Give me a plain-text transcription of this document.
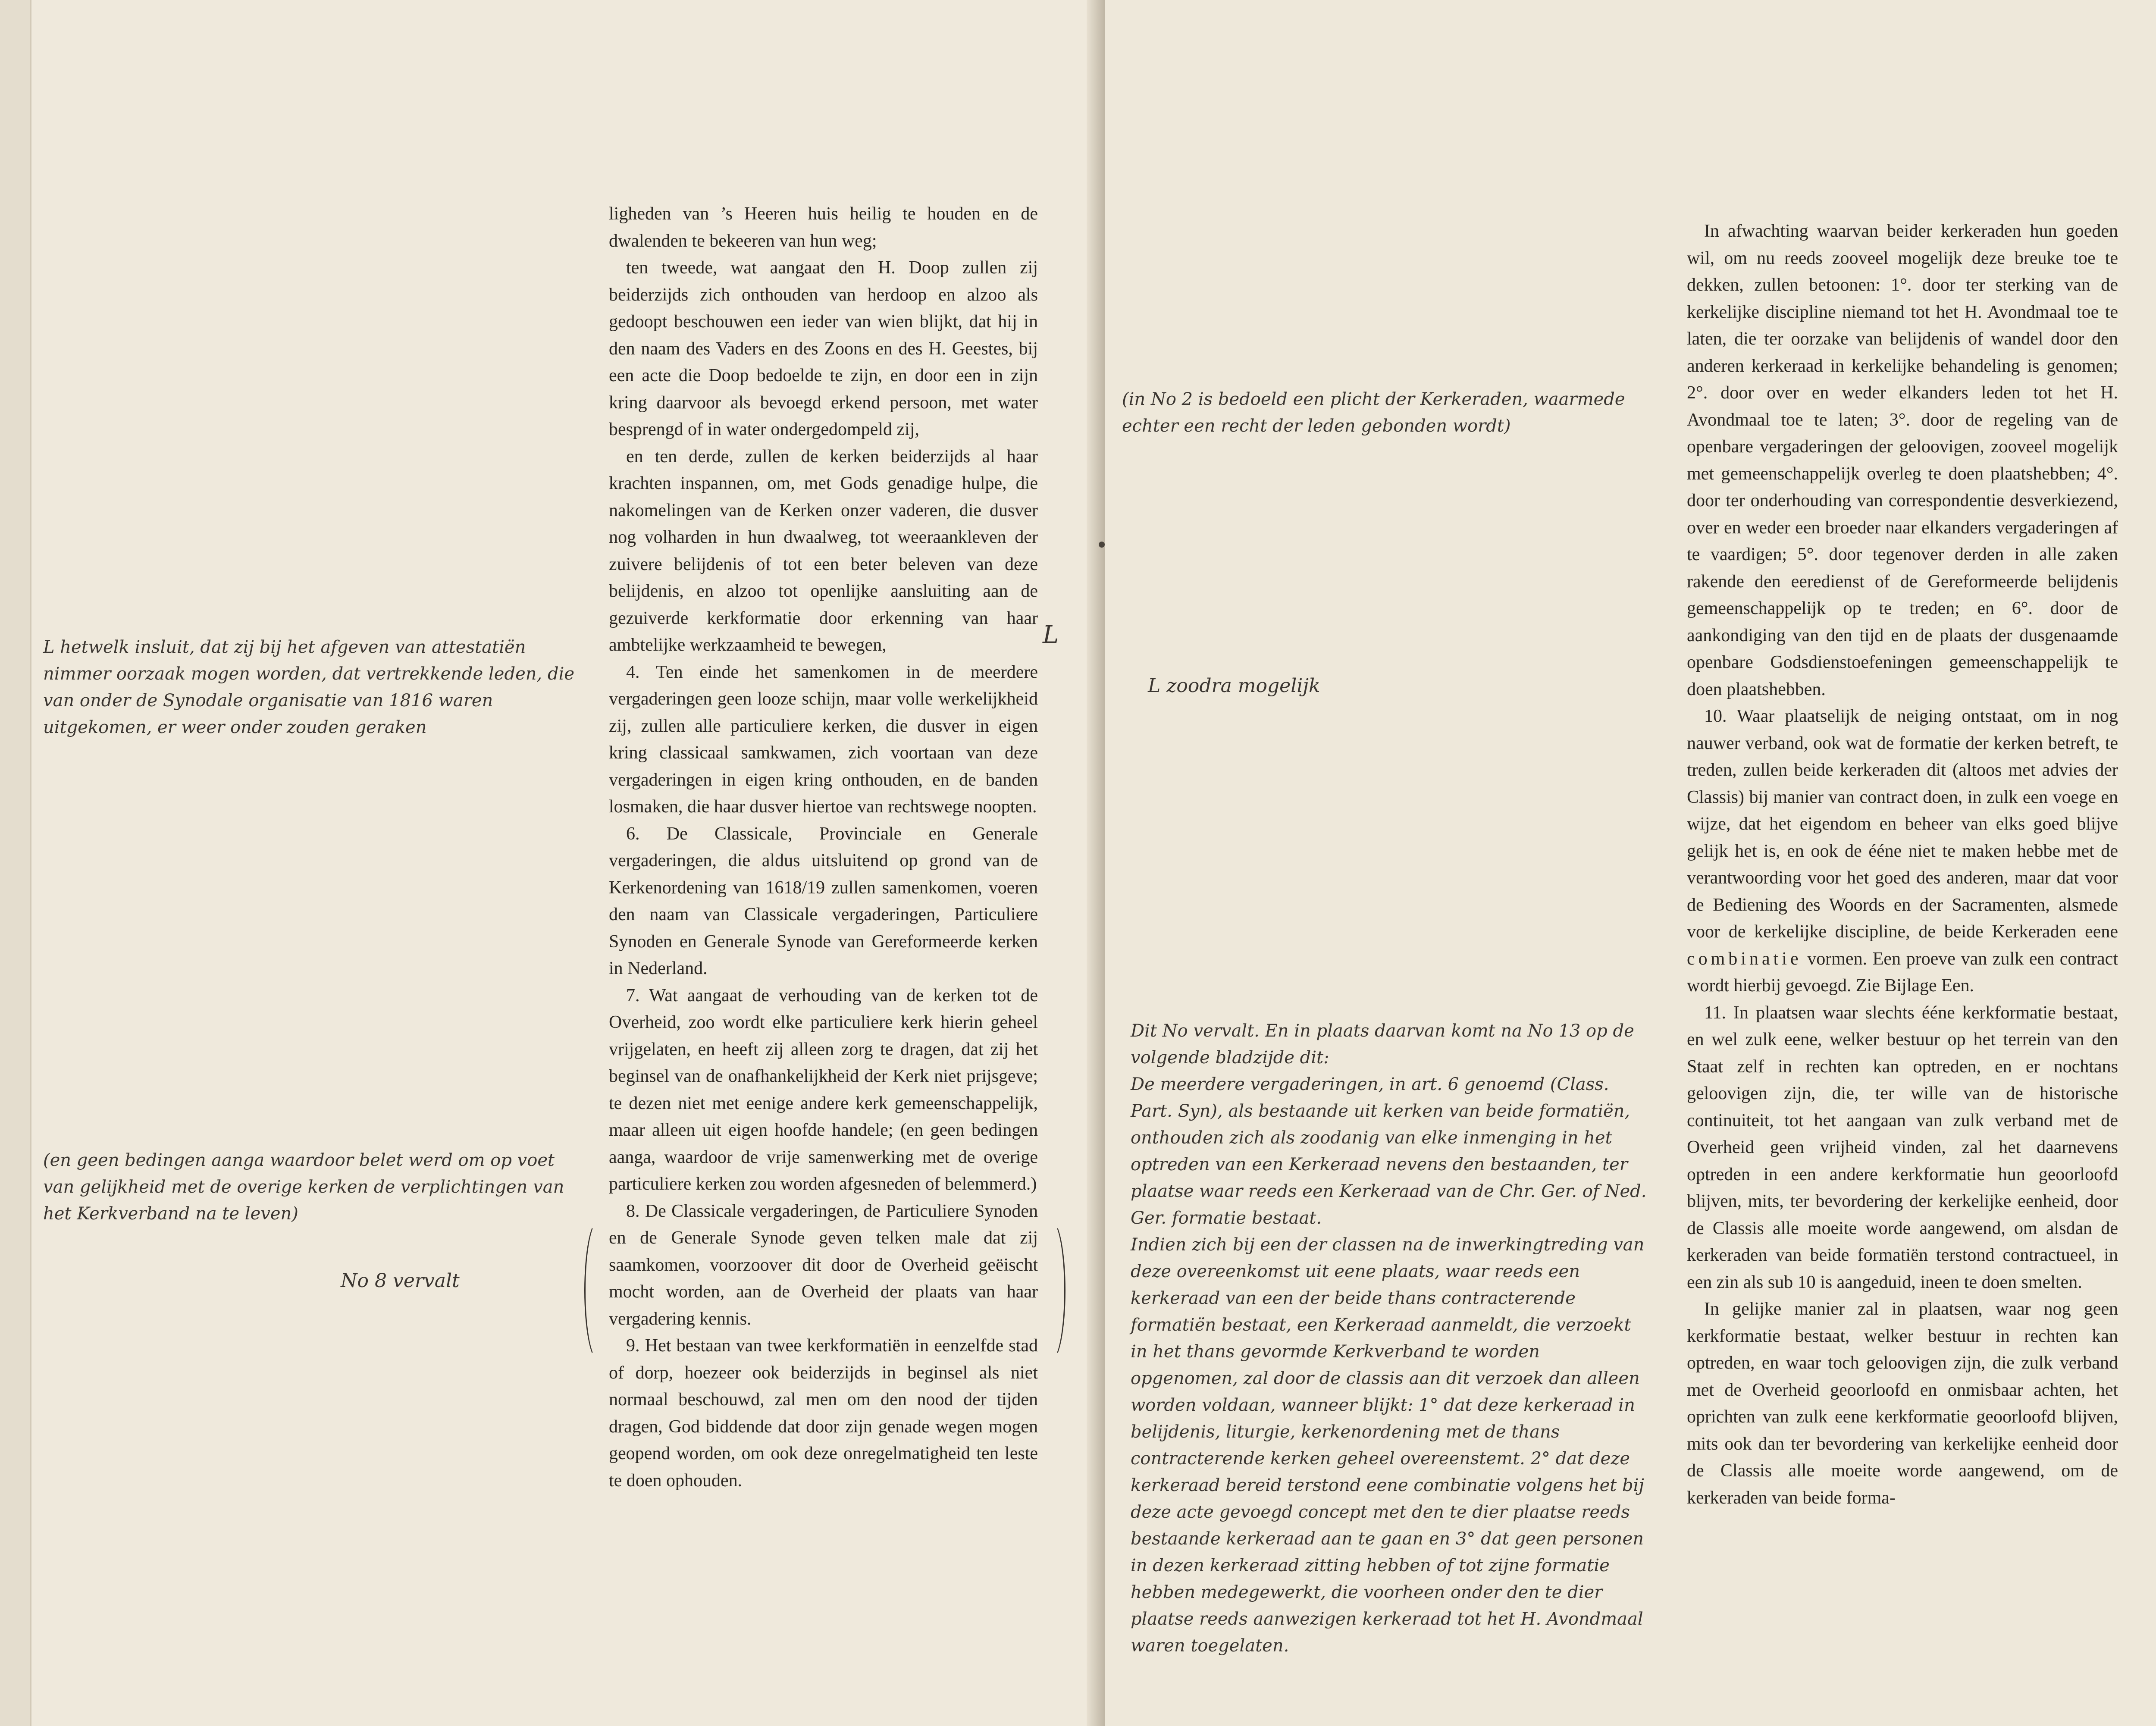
ligheden van ’s Heeren huis heilig te houden en de dwalenden te bekeeren van hun weg;

ten tweede, wat aangaat den H. Doop zullen zij beiderzijds zich onthouden van herdoop en alzoo als gedoopt beschouwen een ieder van wien blijkt, dat hij in den naam des Vaders en des Zoons en des H. Geestes, bij een acte die Doop bedoelde te zijn, en door een in zijn kring daarvoor als bevoegd erkend persoon, met water besprengd of in water ondergedompeld zij,

en ten derde, zullen de kerken beiderzijds al haar krachten inspannen, om, met Gods genadige hulpe, die nakomelingen van de Kerken onzer vaderen, die dusver nog volharden in hun dwaalweg, tot weeraankleven der zuivere belijdenis of tot een beter beleven van deze belijdenis, en alzoo tot openlijke aansluiting aan de gezuiverde kerkformatie door erkenning van haar ambtelijke werkzaamheid te bewegen,

4. Ten einde het samenkomen in de meerdere vergaderingen geen looze schijn, maar volle werkelijkheid zij, zullen alle particuliere kerken, die dusver in eigen kring classicaal samkwamen, zich voortaan van deze vergaderingen in eigen kring onthouden, en de banden losmaken, die haar dusver hiertoe van rechtswege noopten.

6. De Classicale, Provinciale en Generale vergaderingen, die aldus uitsluitend op grond van de Kerkenordening van 1618/19 zullen samenkomen, voeren den naam van Classicale vergaderingen, Particuliere Synoden en Generale Synode van Gereformeerde kerken in Nederland.

7. Wat aangaat de verhouding van de kerken tot de Overheid, zoo wordt elke particuliere kerk hierin geheel vrijgelaten, en heeft zij alleen zorg te dragen, dat zij het beginsel van de onafhankelijkheid der Kerk niet prijsgeve; te dezen niet met eenige andere kerk gemeenschappelijk, maar alleen uit eigen hoofde handele; (en geen bedingen aanga, waardoor de vrije samenwerking met de overige particuliere kerken zou worden afgesneden of belemmerd.)

8. De Classicale vergaderingen, de Particuliere Synoden en de Generale Synode geven telken male dat zij saamkomen, voorzoover dit door de Overheid geëischt mocht worden, aan de Overheid der plaats van haar vergadering kennis.

9. Het bestaan van twee kerkformatiën in eenzelfde stad of dorp, hoezeer ook beiderzijds in beginsel als niet normaal beschouwd, zal men om den nood der tijden dragen, God biddende dat door zijn genade wegen mogen geopend worden, om ook deze onregelmatigheid ten leste te doen ophouden.

L

L hetwelk insluit, dat zij bij het afgeven van attestatiën nimmer oorzaak mogen worden, dat vertrekkende leden, die van onder de Synodale organisatie van 1816 waren uitgekomen, er weer onder zouden geraken

(en geen bedingen aanga waardoor belet werd om op voet van gelijkheid met de overige kerken de verplichtingen van het Kerkverband na te leven)

No 8 vervalt

In afwachting waarvan beider kerkeraden hun goeden wil, om nu reeds zooveel mogelijk deze breuke toe te dekken, zullen betoonen: 1°. door ter sterking van de kerkelijke discipline niemand tot het H. Avondmaal toe te laten, die ter oorzake van belijdenis of wandel door den anderen kerkeraad in kerkelijke behandeling is genomen; 2°. door over en weder elkanders leden tot het H. Avondmaal toe te laten; 3°. door de regeling van de openbare vergaderingen der geloovigen, zooveel mogelijk met gemeenschappelijk overleg te doen plaatshebben; 4°. door ter onderhouding van correspondentie desverkiezend, over en weder een broeder naar elkanders vergaderingen af te vaardigen; 5°. door tegenover derden in alle zaken rakende den eeredienst of de Gereformeerde belijdenis gemeenschappelijk op te treden; en 6°. door de aankondiging van den tijd en de plaats der dusgenaamde openbare Godsdienstoefeningen gemeenschappelijk te doen plaatshebben.

10. Waar plaatselijk de neiging ontstaat, om in nog nauwer verband, ook wat de formatie der kerken betreft, te treden, zullen beide kerkeraden dit (altoos met advies der Classis) bij manier van contract doen, in zulk een voege en wijze, dat het eigendom en beheer van elks goed blijve gelijk het is, en ook de ééne niet te maken hebbe met de verantwoording voor het goed des anderen, maar dat voor de Bediening des Woords en der Sacramenten, alsmede voor de kerkelijke discipline, de beide Kerkeraden eene combinatie vormen. Een proeve van zulk een contract wordt hierbij gevoegd. Zie Bijlage Een.

11. In plaatsen waar slechts ééne kerkformatie bestaat, en wel zulk eene, welker bestuur op het terrein van den Staat zelf in rechten kan optreden, en er nochtans geloovigen zijn, die, ter wille van de historische continuiteit, tot het aangaan van zulk verband met de Overheid geen vrijheid vinden, zal het daarnevens optreden in een andere kerkformatie hun geoorloofd blijven, mits, ter bevordering der kerkelijke eenheid, door de Classis alle moeite worde aangewend, om alsdan de kerkeraden van beide formatiën terstond contractueel, in een zin als sub 10 is aangeduid, ineen te doen smelten.

In gelijke manier zal in plaatsen, waar nog geen kerkformatie bestaat, welker bestuur in rechten kan optreden, en waar toch geloovigen zijn, die zulk verband met de Overheid geoorloofd en onmisbaar achten, het oprichten van zulk eene kerkformatie geoorloofd blijven, mits ook dan ter bevordering van kerkelijke eenheid door de Classis alle moeite worde aangewend, om de kerkeraden van beide forma-

(in No 2 is bedoeld een plicht der Kerkeraden, waarmede echter een recht der leden gebonden wordt)

L zoodra mogelijk

Dit No vervalt. En in plaats daarvan komt na No 13 op de volgende bladzijde dit:

De meerdere vergaderingen, in art. 6 genoemd (Class. Part. Syn), als bestaande uit kerken van beide formatiën, onthouden zich als zoodanig van elke inmenging in het optreden van een Kerkeraad nevens den bestaanden, ter plaatse waar reeds een Kerkeraad van de Chr. Ger. of Ned. Ger. formatie bestaat.

Indien zich bij een der classen na de inwerkingtreding van deze overeenkomst uit eene plaats, waar reeds een kerkeraad van een der beide thans contracterende formatiën bestaat, een Kerkeraad aanmeldt, die verzoekt in het thans gevormde Kerkverband te worden opgenomen, zal door de classis aan dit verzoek dan alleen worden voldaan, wanneer blijkt: 1° dat deze kerkeraad in belijdenis, liturgie, kerkenordening met de thans contracterende kerken geheel overeenstemt. 2° dat deze kerkeraad bereid terstond eene combinatie volgens het bij deze acte gevoegd concept met den te dier plaatse reeds bestaande kerkeraad aan te gaan en 3° dat geen personen in dezen kerkeraad zitting hebben of tot zijne formatie hebben medegewerkt, die voorheen onder den te dier plaatse reeds aanwezigen kerkeraad tot het H. Avondmaal waren toegelaten.
